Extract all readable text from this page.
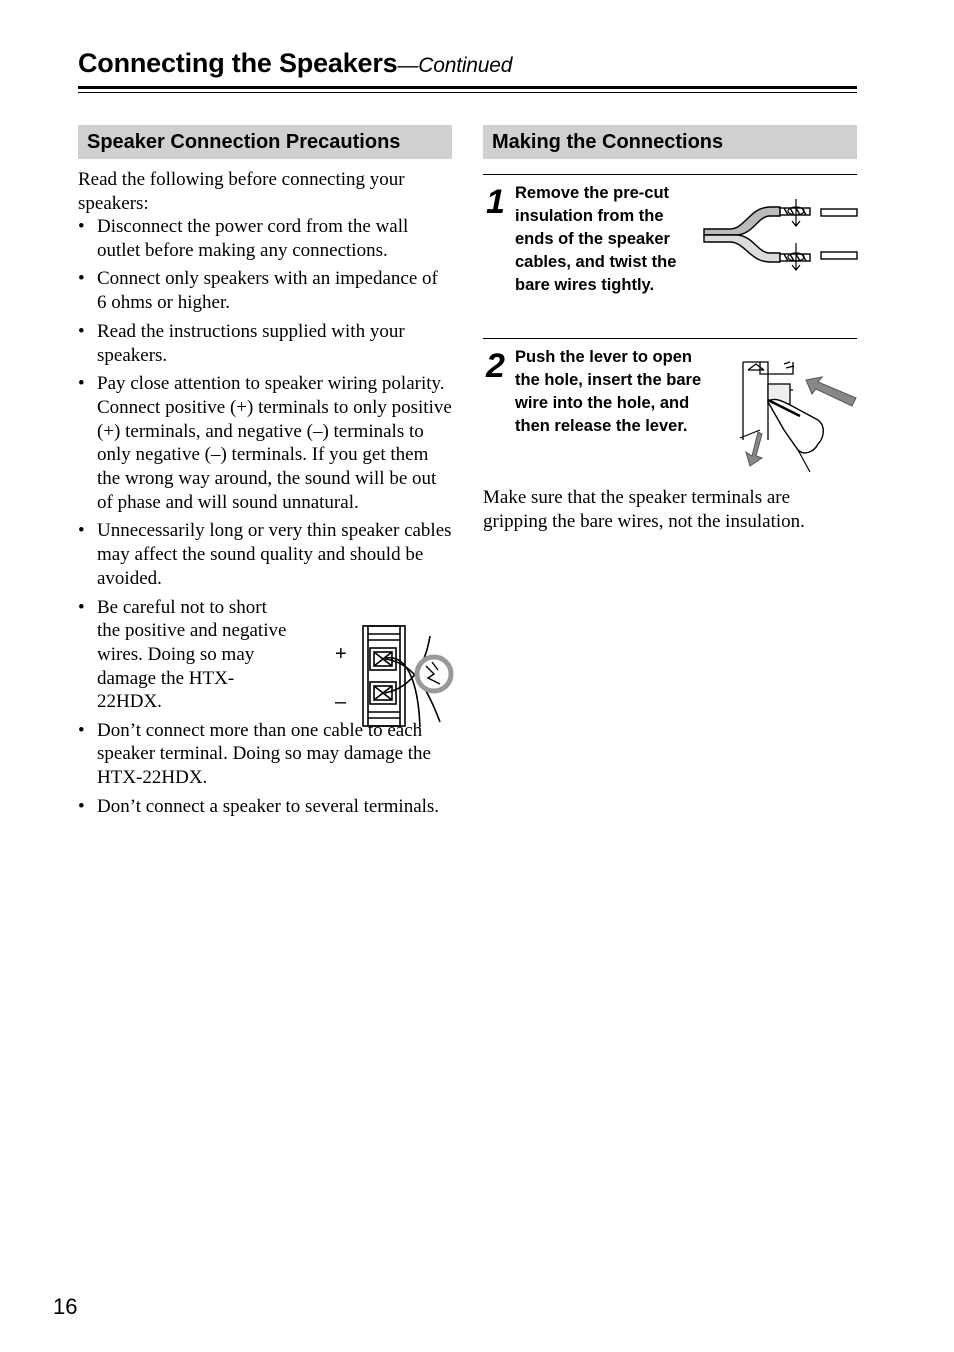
Connecting the Speakers—Continued
Speaker Connection Precautions
Read the following before connecting your speakers:
• Disconnect the power cord from the wall outlet before making any connections.
• Connect only speakers with an impedance of 6 ohms or higher.
• Read the instructions supplied with your speakers.
• Pay close attention to speaker wiring polarity. Connect positive (+) terminals to only positive (+) terminals, and negative (–) terminals to only negative (–) terminals. If you get them the wrong way around, the sound will be out of phase and will sound unnatural.
• Unnecessarily long or very thin speaker cables may affect the sound quality and should be avoided.
• Be careful not to short the positive and negative wires. Doing so may damage the HTX-22HDX.
• Don’t connect more than one cable to each speaker terminal. Doing so may damage the HTX-22HDX.
• Don’t connect a speaker to several terminals.
+
–
Making the Connections
1 Remove the pre-cut insulation from the ends of the speaker cables, and twist the bare wires tightly.
2 Push the lever to open the hole, insert the bare wire into the hole, and then release the lever.
Make sure that the speaker terminals are gripping the bare wires, not the insulation.
16
